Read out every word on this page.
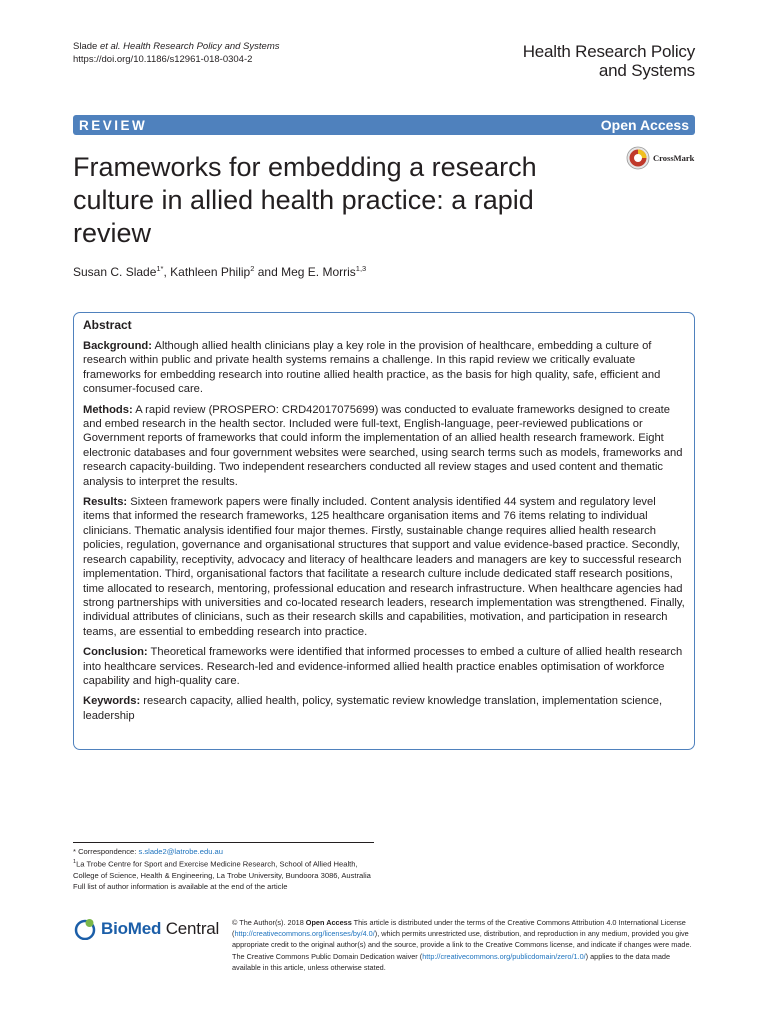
Slade et al. Health Research Policy and Systems
https://doi.org/10.1186/s12961-018-0304-2	Health Research Policy
and Systems
REVIEW	Open Access
Frameworks for embedding a research culture in allied health practice: a rapid review
CrossMark
Susan C. Slade$^{1*}$, Kathleen Philip$^2$ and Meg E. Morris$^{1,3}$
Abstract

Background: Although allied health clinicians play a key role in the provision of healthcare, embedding a culture of research within public and private health systems remains a challenge. In this rapid review we critically evaluate frameworks for embedding research into routine allied health practice, as the basis for high quality, safe, efficient and consumer-focused care.

Methods: A rapid review (PROSPERO: CRD42017075699) was conducted to evaluate frameworks designed to create and embed research in the health sector. Included were full-text, English-language, peer-reviewed publications or Government reports of frameworks that could inform the implementation of an allied health research framework. Eight electronic databases and four government websites were searched, using search terms such as models, frameworks and research capacity-building. Two independent researchers conducted all review stages and used content and thematic analysis to interpret the results.

Results: Sixteen framework papers were finally included. Content analysis identified 44 system and regulatory level items that informed the research frameworks, 125 healthcare organisation items and 76 items relating to individual clinicians. Thematic analysis identified four major themes. Firstly, sustainable change requires allied health research policies, regulation, governance and organisational structures that support and value evidence-based practice. Secondly, research capability, receptivity, advocacy and literacy of healthcare leaders and managers are key to successful research implementation. Third, organisational factors that facilitate a research culture include dedicated staff research positions, time allocated to research, mentoring, professional education and research infrastructure. When healthcare agencies had strong partnerships with universities and co-located research leaders, research implementation was strengthened. Finally, individual attributes of clinicians, such as their research skills and capabilities, motivation, and participation in research teams, are essential to embedding research into practice.

Conclusion: Theoretical frameworks were identified that informed processes to embed a culture of allied health research into healthcare services. Research-led and evidence-informed allied health practice enables optimisation of workforce capability and high-quality care.

Keywords: research capacity, allied health, policy, systematic review knowledge translation, implementation science, leadership

* Correspondence: s.slade2@latrobe.edu.au
$^1$La Trobe Centre for Sport and Exercise Medicine Research, School of Allied Health, College of Science, Health & Engineering, La Trobe University, Bundoora 3086, Australia
Full list of author information is available at the end of the article
BioMed Central © The Author(s). 2018 Open Access This article is distributed under the terms of the Creative Commons Attribution 4.0 International License (http://creativecommons.org/licenses/by/4.0/), which permits unrestricted use, distribution, and reproduction in any medium, provided you give appropriate credit to the original author(s) and the source, provide a link to the Creative Commons license, and indicate if changes were made. The Creative Commons Public Domain Dedication waiver (http://creativecommons.org/publicdomain/zero/1.0/) applies to the data made available in this article, unless otherwise stated.
